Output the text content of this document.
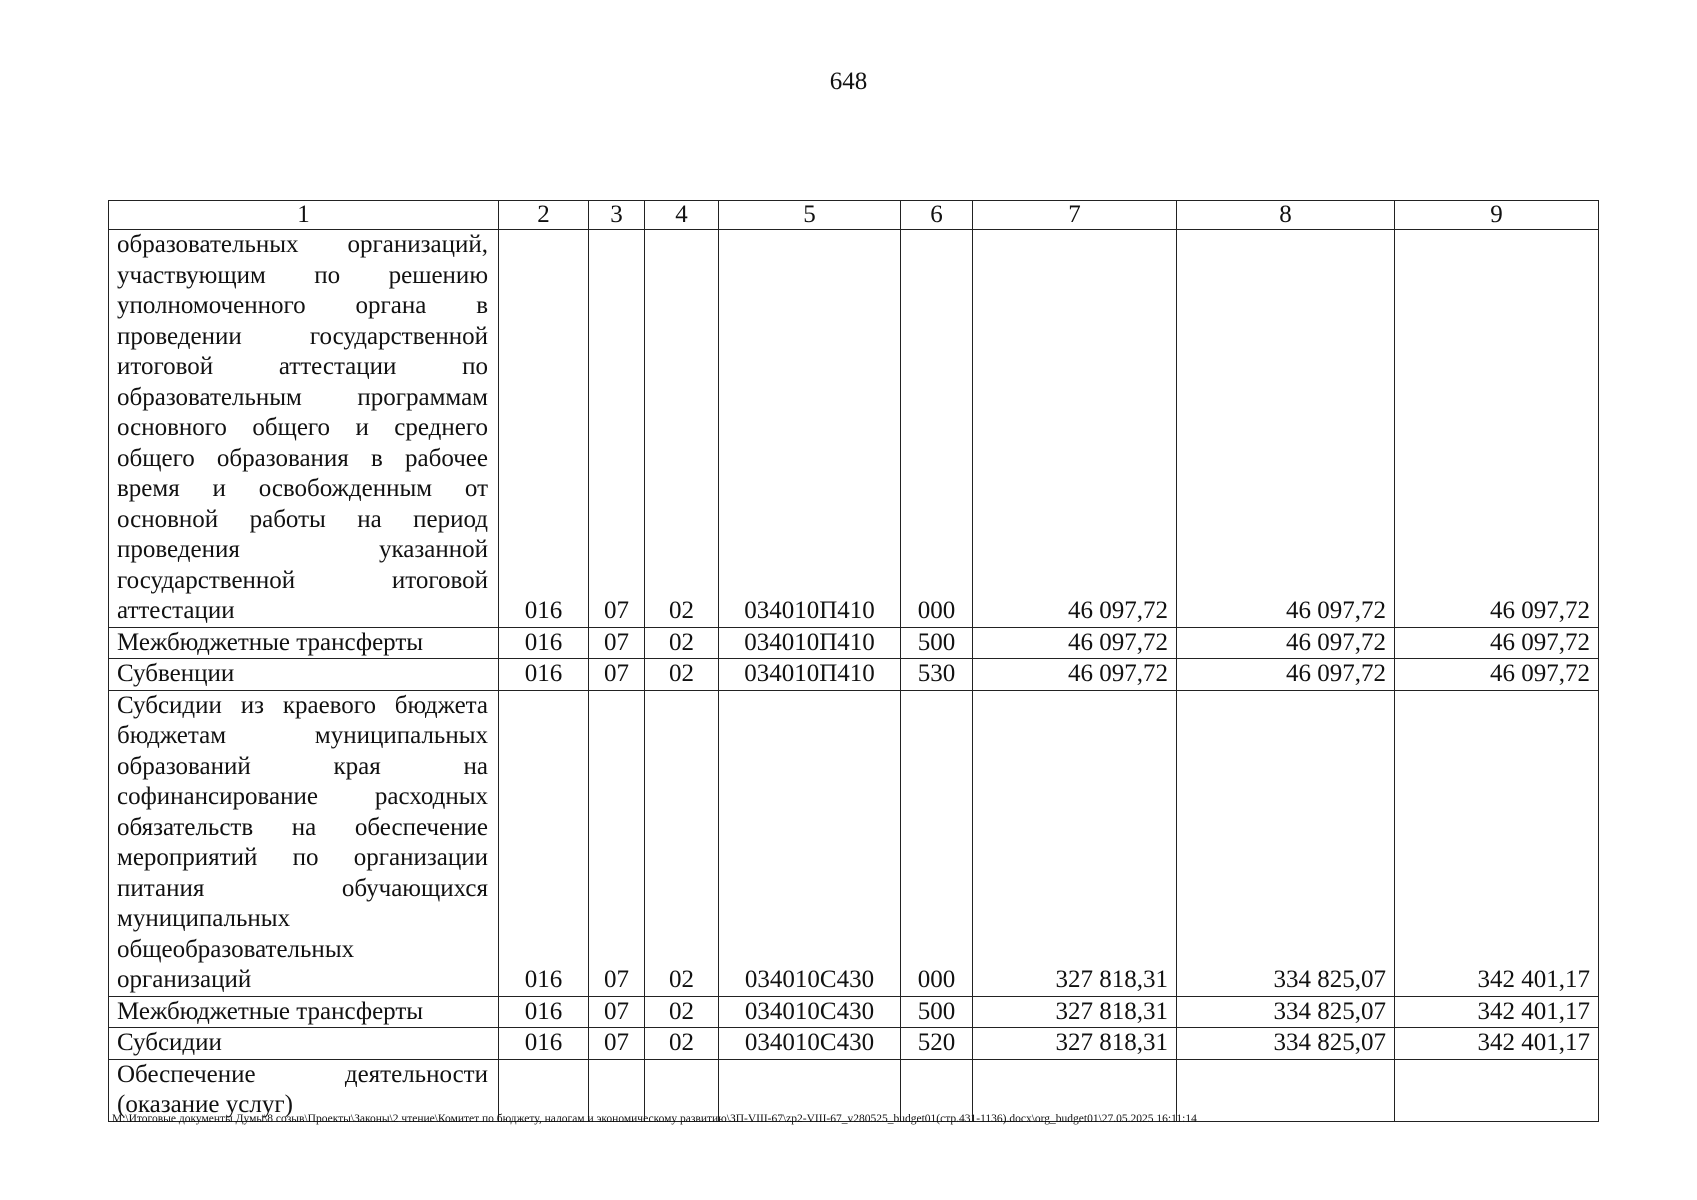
648
1	2	3	4	5	6	7	8	9
образовательных организаций, участвующим по решению уполномоченного органа в проведении государственной итоговой аттестации по образовательным программам основного общего и среднего общего образования в рабочее время и освобожденным от основной работы на период проведения указанной государственной итоговой аттестации	016	07	02	034010П410	000	46 097,72	46 097,72	46 097,72
Межбюджетные трансферты	016	07	02	034010П410	500	46 097,72	46 097,72	46 097,72
Субвенции	016	07	02	034010П410	530	46 097,72	46 097,72	46 097,72
Субсидии из краевого бюджета бюджетам муниципальных образований края на софинансирование расходных обязательств на обеспечение мероприятий по организации питания обучающихся муниципальных общеобразовательных организаций	016	07	02	034010С430	000	327 818,31	334 825,07	342 401,17
Межбюджетные трансферты	016	07	02	034010С430	500	327 818,31	334 825,07	342 401,17
Субсидии	016	07	02	034010С430	520	327 818,31	334 825,07	342 401,17
Обеспечение деятельности (оказание услуг)								
M:\Итоговые документы Думы\8 созыв\Проекты\Законы\2 чтение\Комитет по бюджету, налогам и экономическому развитию\ЗП-VIII-67\zp2-VIII-67_v280525_budget01(стр.431-1136).docx\org_budget01\27.05.2025 16:11:14
